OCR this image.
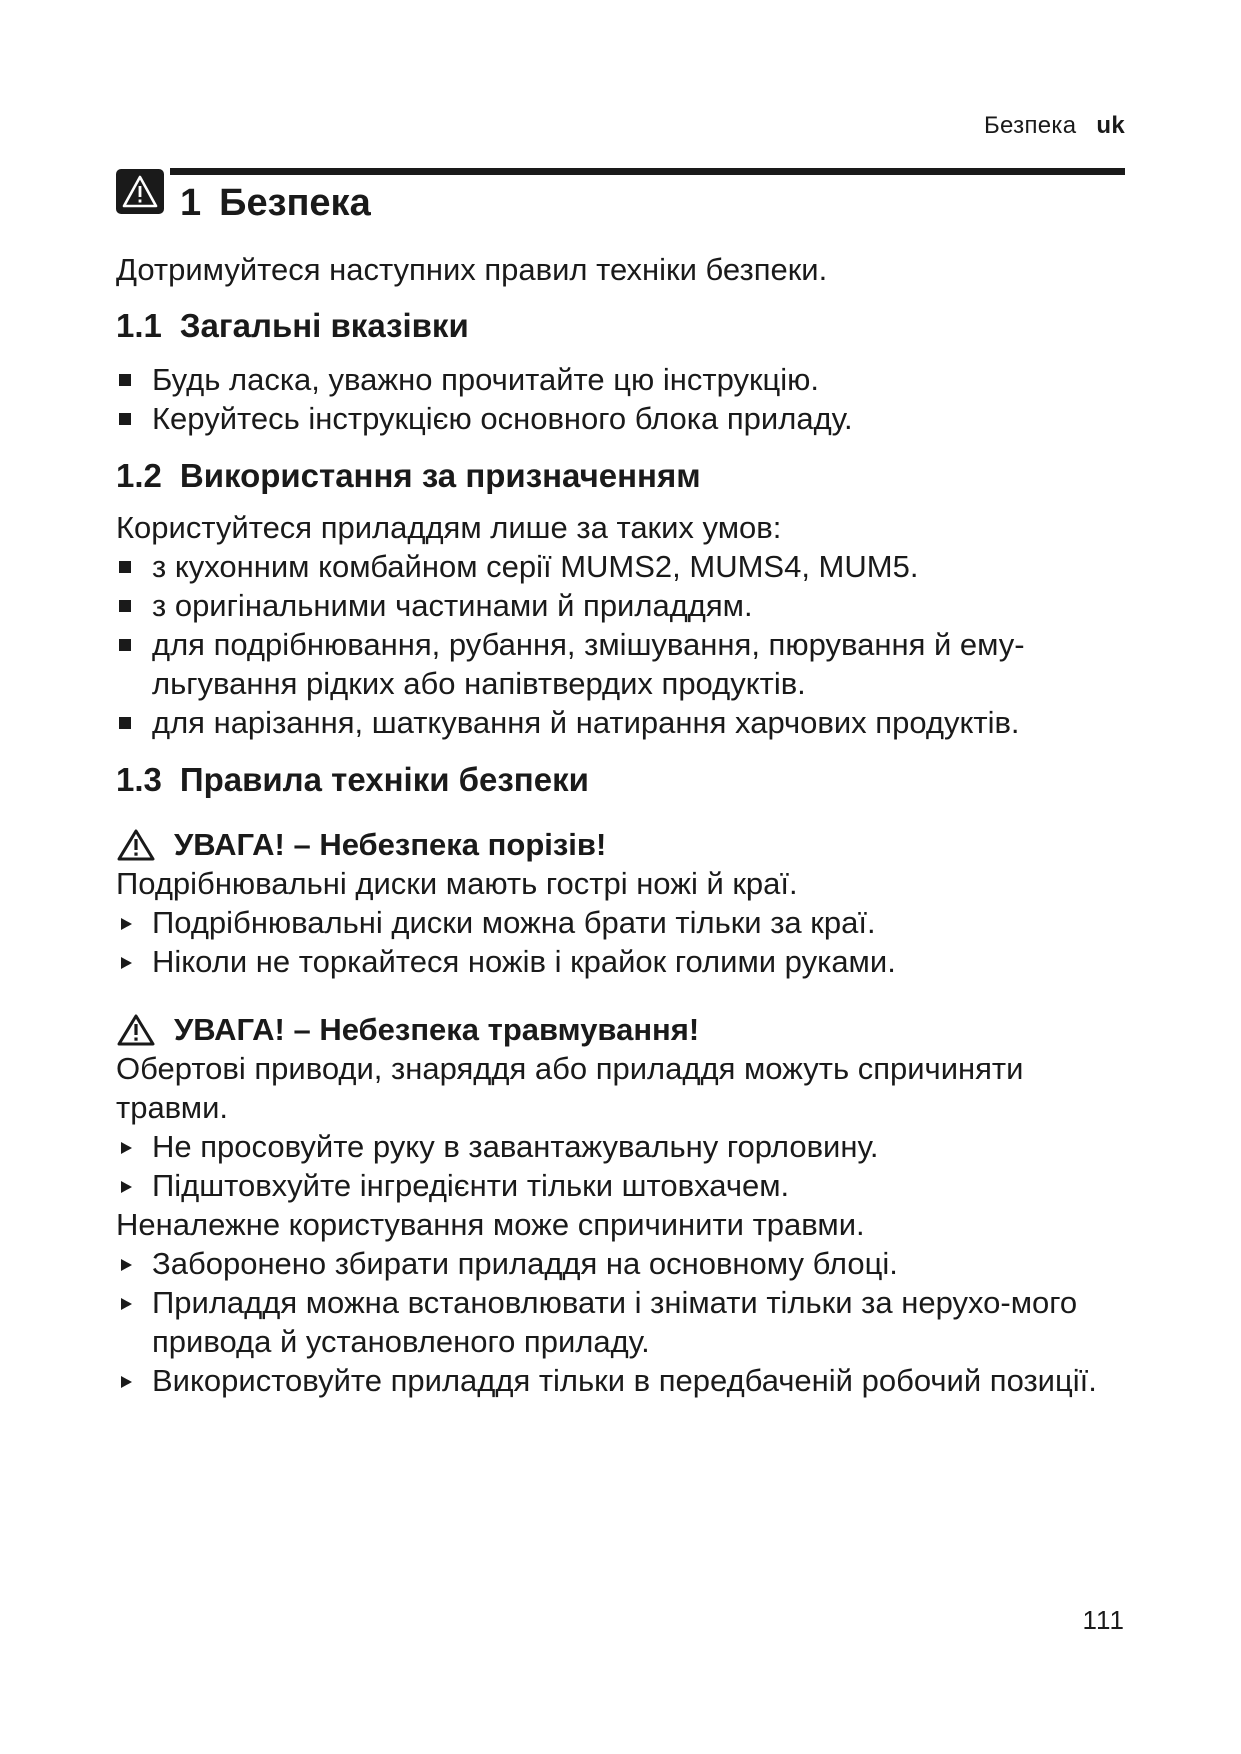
Безпека uk
1 Безпека

Дотримуйтеся наступних правил техніки безпеки.

1.1 Загальні вказівки
Будь ласка, уважно прочитайте цю інструкцію.
Керуйтесь інструкцією основного блока приладу.
1.2 Використання за призначенням

Користуйтеся приладдям лише за таких умов:

з кухонним комбайном серії MUMS2, MUMS4, MUM5.
з оригінальними частинами й приладдям.
для подрібнювання, рубання, змішування, пюрування й ему-льгування рідких або напівтвердих продуктів.
для нарізання, шаткування й натирання харчових продуктів.
1.3 Правила техніки безпеки
УВАГА! – Небезпека порізів!

Подрібнювальні диски мають гострі ножі й краї.

Подрібнювальні диски можна брати тільки за краї.
Ніколи не торкайтеся ножів і крайок голими руками.
УВАГА! – Небезпека травмування!

Обертові приводи, знаряддя або приладдя можуть спричиняти травми.

Не просовуйте руку в завантажувальну горловину.
Підштовхуйте інгредієнти тільки штовхачем.

Неналежне користування може спричинити травми.

Заборонено збирати приладдя на основному блоці.
Приладдя можна встановлювати і знімати тільки за нерухо-мого привода й установленого приладу.
Використовуйте приладдя тільки в передбаченій робочий позиції.
111
